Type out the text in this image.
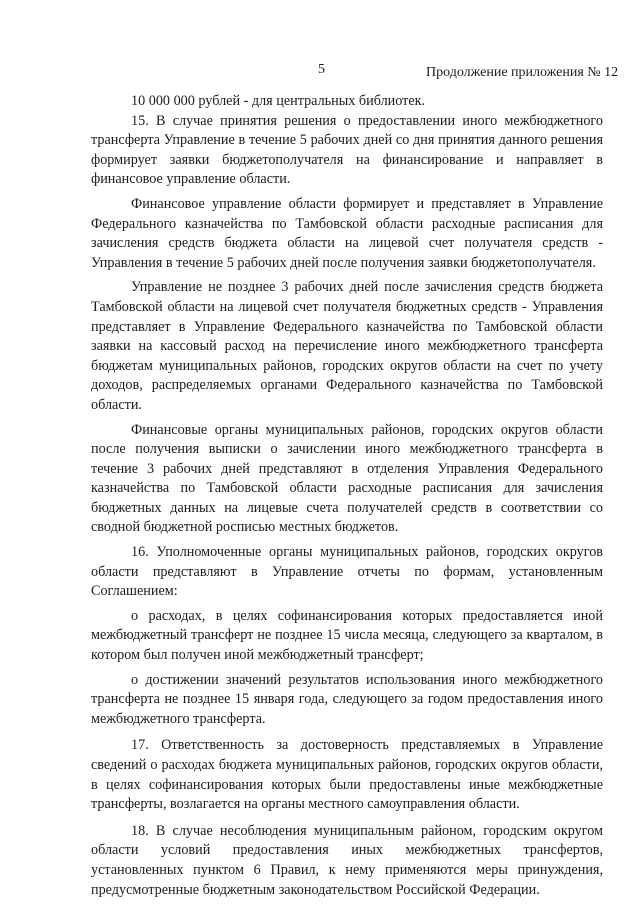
5	Продолжение приложения № 12

10 000 000 рублей - для центральных библиотек.

15. В случае принятия решения о предоставлении иного межбюджетного трансферта Управление в течение 5 рабочих дней со дня принятия данного решения формирует заявки бюджетополучателя на финансирование и направляет в финансовое управление области.

Финансовое управление области формирует и представляет в Управление Федерального казначейства по Тамбовской области расходные расписания для зачисления средств бюджета области на лицевой счет получателя средств - Управления в течение 5 рабочих дней после получения заявки бюджетополучателя.

Управление не позднее 3 рабочих дней после зачисления средств бюджета Тамбовской области на лицевой счет получателя бюджетных средств - Управления представляет в Управление Федерального казначейства по Тамбовской области заявки на кассовый расход на перечисление иного межбюджетного трансферта бюджетам муниципальных районов, городских округов области на счет по учету доходов, распределяемых органами Федерального казначейства по Тамбовской области.

Финансовые органы муниципальных районов, городских округов области после получения выписки о зачислении иного межбюджетного трансферта в течение 3 рабочих дней представляют в отделения Управления Федерального казначейства по Тамбовской области расходные расписания для зачисления бюджетных данных на лицевые счета получателей средств в соответствии со сводной бюджетной росписью местных бюджетов.

16. Уполномоченные органы муниципальных районов, городских округов области представляют в Управление отчеты по формам, установленным Соглашением:

о расходах, в целях софинансирования которых предоставляется иной межбюджетный трансферт не позднее 15 числа месяца, следующего за кварталом, в котором был получен иной межбюджетный трансферт;

о достижении значений результатов использования иного межбюджетного трансферта не позднее 15 января года, следующего за годом предоставления иного межбюджетного трансферта.

17. Ответственность за достоверность представляемых в Управление сведений о расходах бюджета муниципальных районов, городских округов области, в целях софинансирования которых были предоставлены иные межбюджетные трансферты, возлагается на органы местного самоуправления области.

18. В случае несоблюдения муниципальным районом, городским округом области условий предоставления иных межбюджетных трансфертов, установленных пунктом 6 Правил, к нему применяются меры принуждения, предусмотренные бюджетным законодательством Российской Федерации.
